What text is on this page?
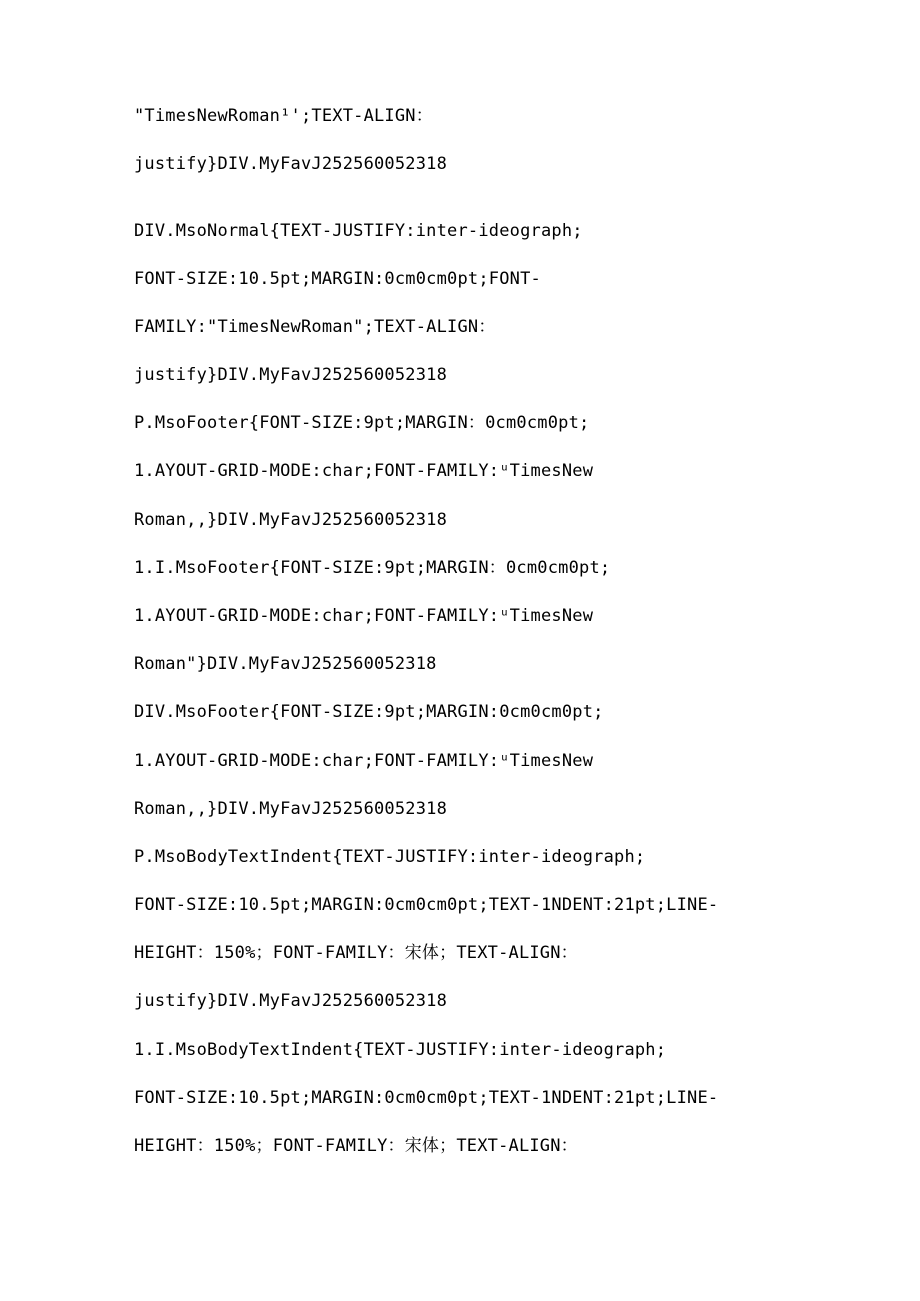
"TimesNewRoman¹';TEXT-ALIGN：

justify}DIV.MyFavJ252560052318

DIV.MsoNormal{TEXT-JUSTIFY:inter-ideograph;

FONT-SIZE:10.5pt;MARGIN:0cm0cm0pt;FONT-

FAMILY:"TimesNewRoman";TEXT-ALIGN：

justify}DIV.MyFavJ252560052318

P.MsoFooter{FONT-SIZE:9pt;MARGIN：0cm0cm0pt;

1.AYOUT-GRID-MODE:char;FONT-FAMILY:ᵘTimesNew

Roman,,}DIV.MyFavJ252560052318

1.I.MsoFooter{FONT-SIZE:9pt;MARGIN：0cm0cm0pt;

1.AYOUT-GRID-MODE:char;FONT-FAMILY:ᵘTimesNew

Roman"}DIV.MyFavJ252560052318

DIV.MsoFooter{FONT-SIZE:9pt;MARGIN:0cm0cm0pt;

1.AYOUT-GRID-MODE:char;FONT-FAMILY:ᵘTimesNew

Roman,,}DIV.MyFavJ252560052318

P.MsoBodyTextIndent{TEXT-JUSTIFY:inter-ideograph;

FONT-SIZE:10.5pt;MARGIN:0cm0cm0pt;TEXT-1NDENT:21pt;LINE-

HEIGHT：150%；FONT-FAMILY：宋体；TEXT-ALIGN：

justify}DIV.MyFavJ252560052318

1.I.MsoBodyTextIndent{TEXT-JUSTIFY:inter-ideograph;

FONT-SIZE:10.5pt;MARGIN:0cm0cm0pt;TEXT-1NDENT:21pt;LINE-

HEIGHT：150%；FONT-FAMILY：宋体；TEXT-ALIGN：
